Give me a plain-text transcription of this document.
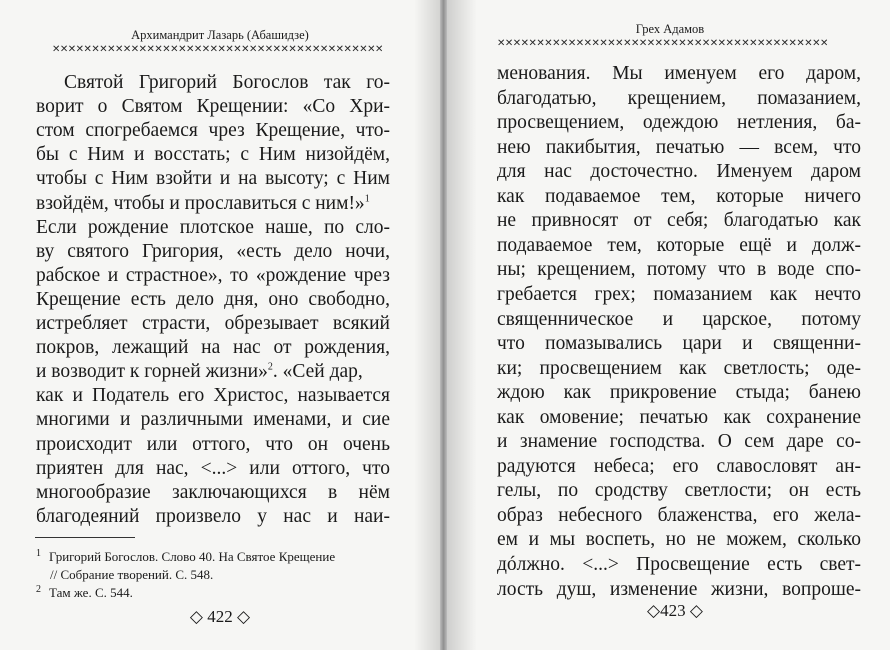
Архимандрит Лазарь (Абашидзе)
✕✕✕✕✕✕✕✕✕✕✕✕✕✕✕✕✕✕✕✕✕✕✕✕✕✕✕✕✕✕✕✕✕✕✕✕✕✕✕✕✕✕
Святой Григорий Богослов так го-
ворит о Святом Крещении: «Со Хри-
стом спогребаемся чрез Крещение, что-
бы с Ним и восстать; с Ним низойдём,
чтобы с Ним взойти и на высоту; с Ним
взойдём, чтобы и прославиться с ним!»$^1$
Если рождение плотское наше, по сло-
ву святого Григория, «есть дело ночи,
рабское и страстное», то «рождение чрез
Крещение есть дело дня, оно свободно,
истребляет страсти, обрезывает всякий
покров, лежащий на нас от рождения,
и возводит к горней жизни»$^2$. «Сей дар,
как и Податель его Христос, называется
многими и различными именами, и сие
происходит или оттого, что он очень
приятен для нас, <...> или оттого, что
многообразие заключающихся в нём
благодеяний произвело у нас и наи-
$^1$ Григорий Богослов. Слово 40. На Святое Крещение
// Собрание творений. С. 548.
$^2$ Там же. С. 544.
◇ 422 ◇
Грех Адамов
✕✕✕✕✕✕✕✕✕✕✕✕✕✕✕✕✕✕✕✕✕✕✕✕✕✕✕✕✕✕✕✕✕✕✕✕✕✕✕✕✕✕
менования. Мы именуем его даром,
благодатью, крещением, помазанием,
просвещением, одеждою нетления, ба-
нею пакибытия, печатью — всем, что
для нас досточестно. Именуем даром
как подаваемое тем, которые ничего
не привносят от себя; благодатью как
подаваемое тем, которые ещё и долж-
ны; крещением, потому что в воде спо-
гребается грех; помазанием как нечто
священническое и царское, потому
что помазывались цари и священни-
ки; просвещением как светлость; оде-
ждою как прикровение стыда; банею
как омовение; печатью как сохранение
и знамение господства. О сем даре со-
радуются небеса; его славословят ан-
гелы, по сродству светлости; он есть
образ небесного блаженства, его жела-
ем и мы воспеть, но не можем, сколько
дóлжно. <...> Просвещение есть свет-
лость душ, изменение жизни, вопроше-
◇423 ◇
